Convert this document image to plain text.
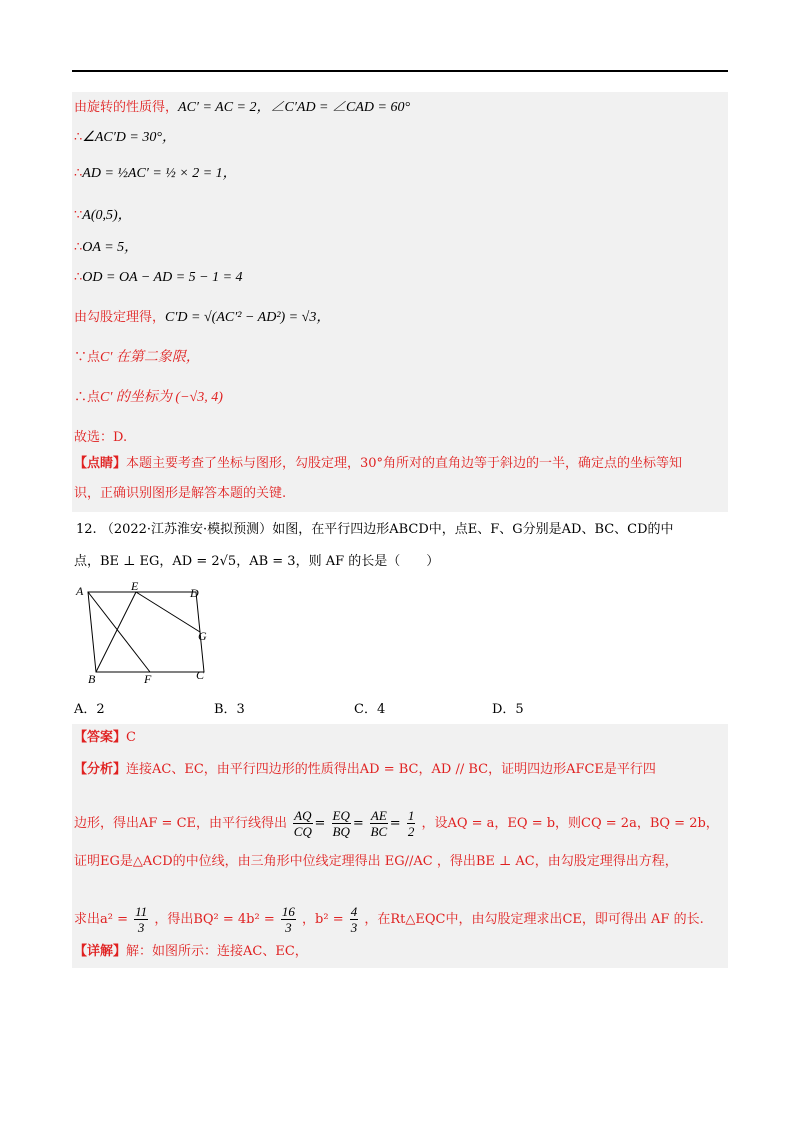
由旋转的性质得，AC′ = AC = 2，∠C′AD = ∠CAD = 60°
∴∠AC′D = 30°，
∴AD = ½AC′ = ½ × 2 = 1，
∵A(0,5)，
∴OA = 5，
∴OD = OA − AD = 5 − 1 = 4
由勾股定理得，C′D = √(AC′² − AD²) = √3，
∵点C′ 在第二象限，
∴点C′ 的坐标为 (−√3, 4)
故选：D.
【点睛】本题主要考查了坐标与图形，勾股定理，30°角所对的直角边等于斜边的一半，确定点的坐标等知
识，正确识别图形是解答本题的关键.
12. （2022·江苏淮安·模拟预测）如图，在平行四边形ABCD中，点E、F、G分别是AD、BC、CD的中
点，BE ⊥ EG，AD = 2√5，AB = 3，则 AF 的长是（　　）
A	E	D
G
B	F	C
A．2	B．3	C．4	D．5
【答案】C
【分析】连接AC、EC，由平行四边形的性质得出AD = BC，AD // BC，证明四边形AFCE是平行四
边形，得出AF = CE，由平行线得出 $\frac{AQ}{CQ} = \frac{EQ}{BQ} = \frac{AE}{BC} = \frac{1}{2}$ ，设AQ = a，EQ = b，则CQ = 2a，BQ = 2b，
证明EG是△ACD的中位线，由三角形中位线定理得出 EG//AC ，得出BE ⊥ AC，由勾股定理得出方程，
求出$a^2 = \frac{11}{3}$ ，得出$BQ^2 = 4b^2 = \frac{16}{3}$ ，$b^2 = \frac{4}{3}$ ，在Rt△EQC中，由勾股定理求出CE，即可得出 AF 的长.
【详解】解：如图所示：连接AC、EC，
